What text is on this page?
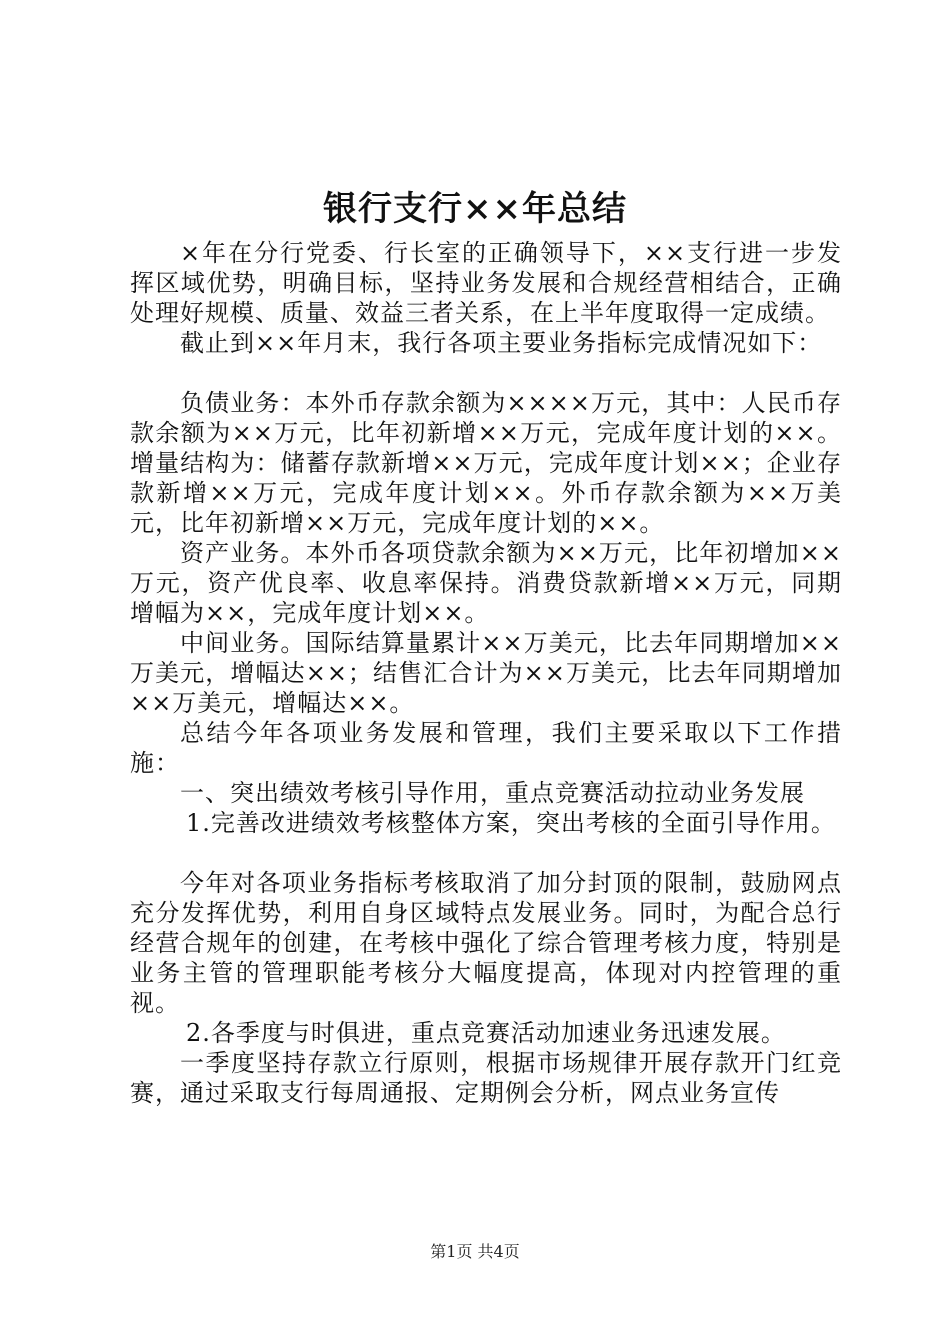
银行支行××年总结

×年在分行党委、行长室的正确领导下，××支行进一步发挥区域优势，明确目标，坚持业务发展和合规经营相结合，正确处理好规模、质量、效益三者关系，在上半年度取得一定成绩。

截止到××年月末，我行各项主要业务指标完成情况如下：

负债业务：本外币存款余额为××××万元，其中：人民币存款余额为××万元，比年初新增××万元，完成年度计划的××。增量结构为：储蓄存款新增××万元，完成年度计划××；企业存款新增××万元，完成年度计划××。外币存款余额为××万美元，比年初新增××万元，完成年度计划的××。

资产业务。本外币各项贷款余额为××万元，比年初增加××万元，资产优良率、收息率保持。消费贷款新增××万元，同期增幅为××，完成年度计划××。

中间业务。国际结算量累计××万美元，比去年同期增加××万美元，增幅达××；结售汇合计为××万美元，比去年同期增加××万美元，增幅达××。

总结今年各项业务发展和管理，我们主要采取以下工作措施：

一、突出绩效考核引导作用，重点竞赛活动拉动业务发展

1.完善改进绩效考核整体方案，突出考核的全面引导作用。

今年对各项业务指标考核取消了加分封顶的限制，鼓励网点充分发挥优势，利用自身区域特点发展业务。同时，为配合总行经营合规年的创建，在考核中强化了综合管理考核力度，特别是业务主管的管理职能考核分大幅度提高，体现对内控管理的重视。

2.各季度与时俱进，重点竞赛活动加速业务迅速发展。

一季度坚持存款立行原则，根据市场规律开展存款开门红竞赛，通过采取支行每周通报、定期例会分析，网点业务宣传

第1页 共4页
